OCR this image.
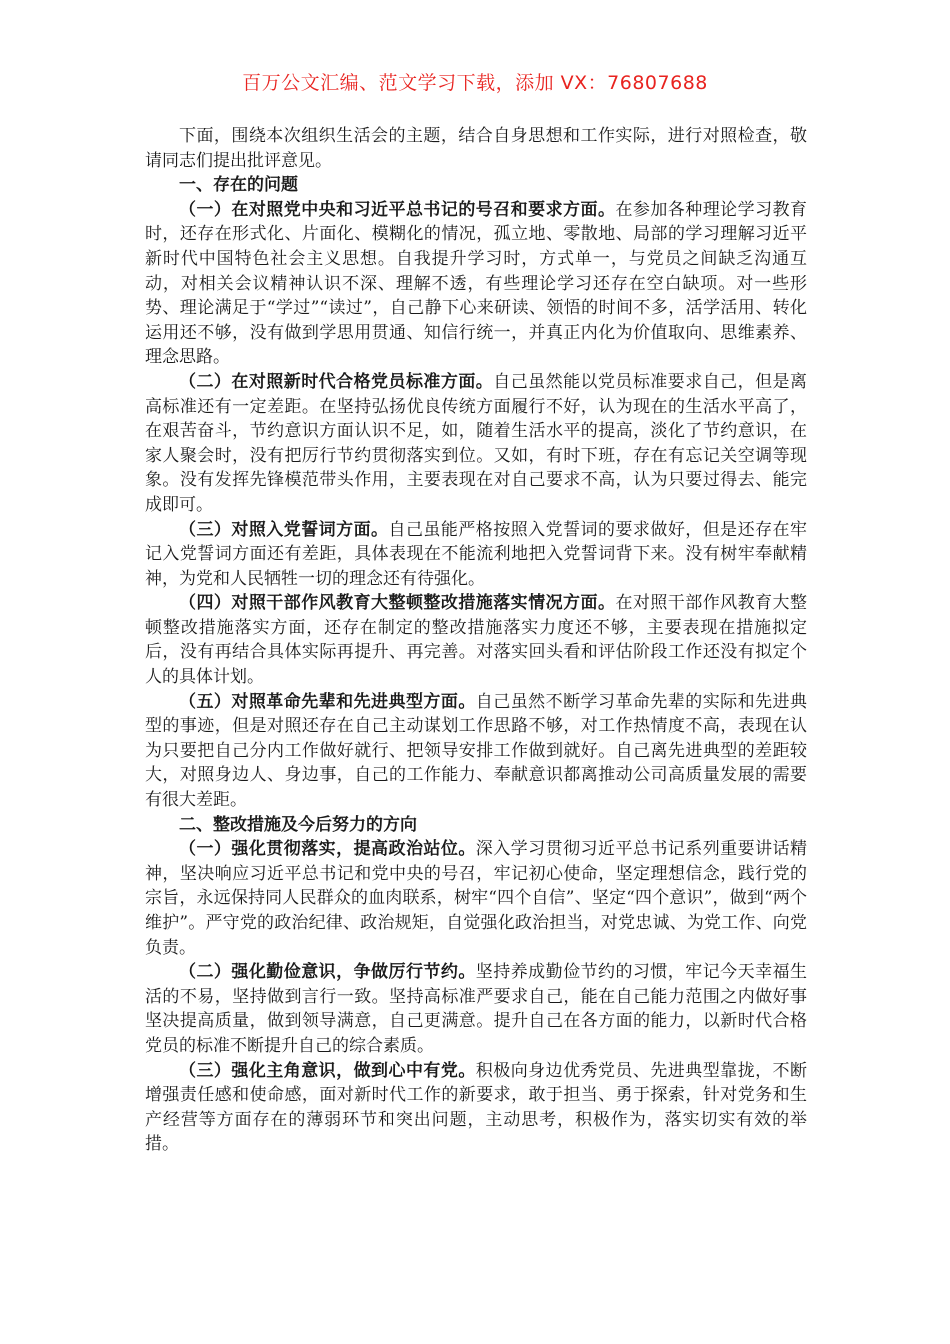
百万公文汇编、范文学习下载，添加 VX：76807688

下面，围绕本次组织生活会的主题，结合自身思想和工作实际，进行对照检查，敬请同志们提出批评意见。

一、存在的问题

（一）在对照党中央和习近平总书记的号召和要求方面。在参加各种理论学习教育时，还存在形式化、片面化、模糊化的情况，孤立地、零散地、局部的学习理解习近平新时代中国特色社会主义思想。自我提升学习时，方式单一，与党员之间缺乏沟通互动，对相关会议精神认识不深、理解不透，有些理论学习还存在空白缺项。对一些形势、理论满足于“学过”“读过”，自己静下心来研读、领悟的时间不多，活学活用、转化运用还不够，没有做到学思用贯通、知信行统一，并真正内化为价值取向、思维素养、理念思路。

（二）在对照新时代合格党员标准方面。自己虽然能以党员标准要求自己，但是离高标准还有一定差距。在坚持弘扬优良传统方面履行不好，认为现在的生活水平高了，在艰苦奋斗，节约意识方面认识不足，如，随着生活水平的提高，淡化了节约意识，在家人聚会时，没有把厉行节约贯彻落实到位。又如，有时下班，存在有忘记关空调等现象。没有发挥先锋模范带头作用，主要表现在对自己要求不高，认为只要过得去、能完成即可。

（三）对照入党誓词方面。自己虽能严格按照入党誓词的要求做好，但是还存在牢记入党誓词方面还有差距，具体表现在不能流利地把入党誓词背下来。没有树牢奉献精神，为党和人民牺牲一切的理念还有待强化。

（四）对照干部作风教育大整顿整改措施落实情况方面。在对照干部作风教育大整顿整改措施落实方面，还存在制定的整改措施落实力度还不够，主要表现在措施拟定后，没有再结合具体实际再提升、再完善。对落实回头看和评估阶段工作还没有拟定个人的具体计划。

（五）对照革命先辈和先进典型方面。自己虽然不断学习革命先辈的实际和先进典型的事迹，但是对照还存在自己主动谋划工作思路不够，对工作热情度不高，表现在认为只要把自己分内工作做好就行、把领导安排工作做到就好。自己离先进典型的差距较大，对照身边人、身边事，自己的工作能力、奉献意识都离推动公司高质量发展的需要有很大差距。

二、整改措施及今后努力的方向

（一）强化贯彻落实，提高政治站位。深入学习贯彻习近平总书记系列重要讲话精神，坚决响应习近平总书记和党中央的号召，牢记初心使命，坚定理想信念，践行党的宗旨，永远保持同人民群众的血肉联系，树牢“四个自信”、坚定“四个意识”，做到“两个维护”。严守党的政治纪律、政治规矩，自觉强化政治担当，对党忠诚、为党工作、向党负责。

（二）强化勤俭意识，争做厉行节约。坚持养成勤俭节约的习惯，牢记今天幸福生活的不易，坚持做到言行一致。坚持高标准严要求自己，能在自己能力范围之内做好事坚决提高质量，做到领导满意，自己更满意。提升自己在各方面的能力，以新时代合格党员的标准不断提升自己的综合素质。

（三）强化主角意识，做到心中有党。积极向身边优秀党员、先进典型靠拢，不断增强责任感和使命感，面对新时代工作的新要求，敢于担当、勇于探索，针对党务和生产经营等方面存在的薄弱环节和突出问题，主动思考，积极作为，落实切实有效的举措。
